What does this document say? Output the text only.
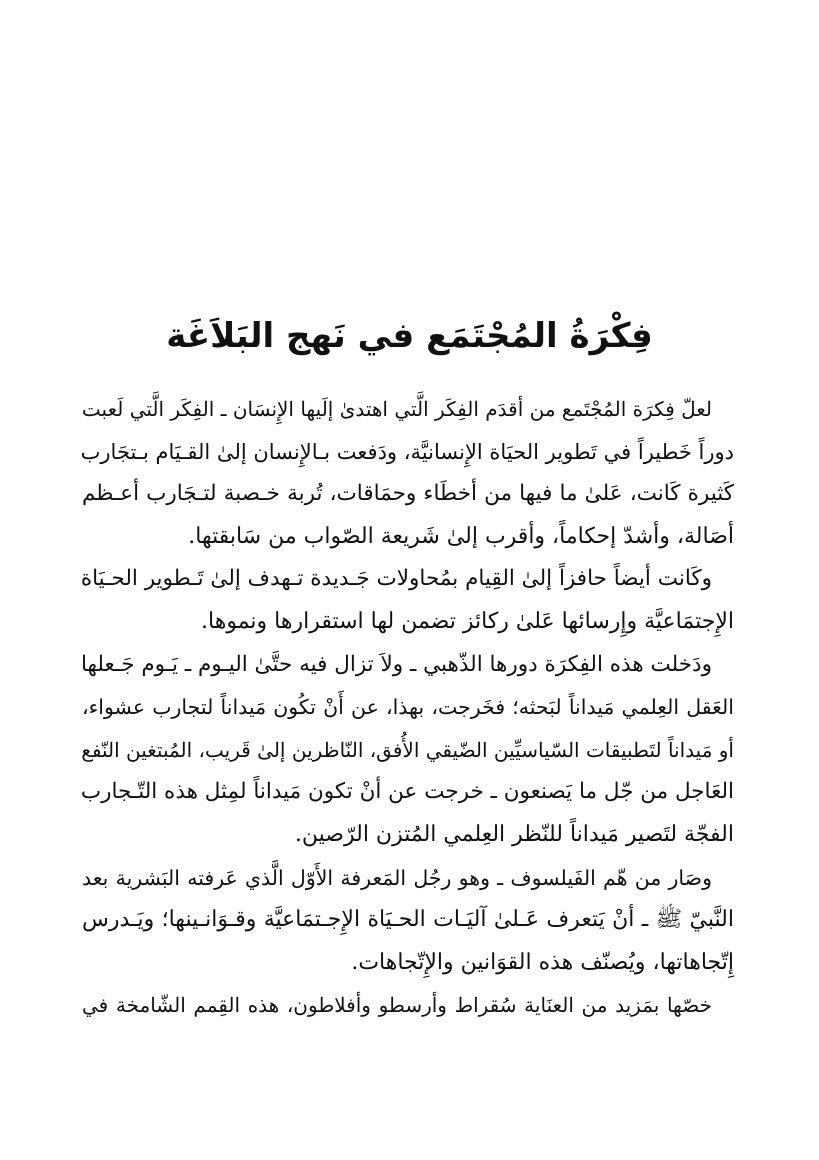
فِكْرَةُ المُجْتَمَع في نَهج البَلاَغَة
لعلّ فِكرَة المُجْتَمع من أقدَم الفِكَر الَّتي اهتدىٰ إلَيها الإِنسَان ـ الفِكَر الَّتي لَعبت
دوراً خَطيراً في تَطوير الحيَاة الإِنسانيَّة، ودَفعت بـالإِنسان إلىٰ القـيَام بـتجَارب
كَثيرة كَانت، عَلىٰ ما فيها من أخطَاء وحمَاقات، تُربة خـصبة لتـجَارب أعـظم
أصَالة، وأشدّ إحكاماً، وأقرب إلىٰ شَريعة الصّواب من سَابقتها.
وكَانت أيضاً حافزاً إلىٰ القِيام بمُحاولات جَـديدة تـهدف إلىٰ تَـطوير الحـيَاة
الإِجتمَاعيَّة وإِرسائها عَلىٰ ركائز تضمن لها استقرارها ونموها.
ودَخلت هذه الفِكرَة دورها الذّهبي ـ ولاَ تزال فيه حتَّىٰ اليـوم ـ يَـوم جَـعلها
العَقل العِلمي مَيداناً لبَحثه؛ فخَرجت، بهذا، عن أَنْ تكُون مَيداناً لتجارب عشواء،
أو مَيداناً لتَطبيقات السّياسيِّين الضّيقي الأُفق، النّاظرين إلىٰ قَريب، المُبتغين النّفع
العَاجل من جّل ما يَصنعون ـ خرجت عن أنْ تكون مَيداناً لمِثل هذه التّـجارب
الفجّة لتَصير مَيداناً للنّظر العِلمي المُتزن الرّصين.
وصَار من هّم الفَيلسوف ـ وهو رجُل المَعرفة الأَوّل الَّذي عَرفته البَشرية بعد
النَّبيّ ﷺ ـ أنْ يَتعرف عَـلىٰ آليَـات الحـيَاة الإِجـتمَاعيَّة وقـوَانـينها؛ ويَـدرس
إِتّجاهاتها، ويُصنّف هذه القوَانين والإِتّجاهات.
خصّها بمَزيد من العنَاية سُقراط وأرسطو وأفلاطون، هذه القِمم الشّامخة في
